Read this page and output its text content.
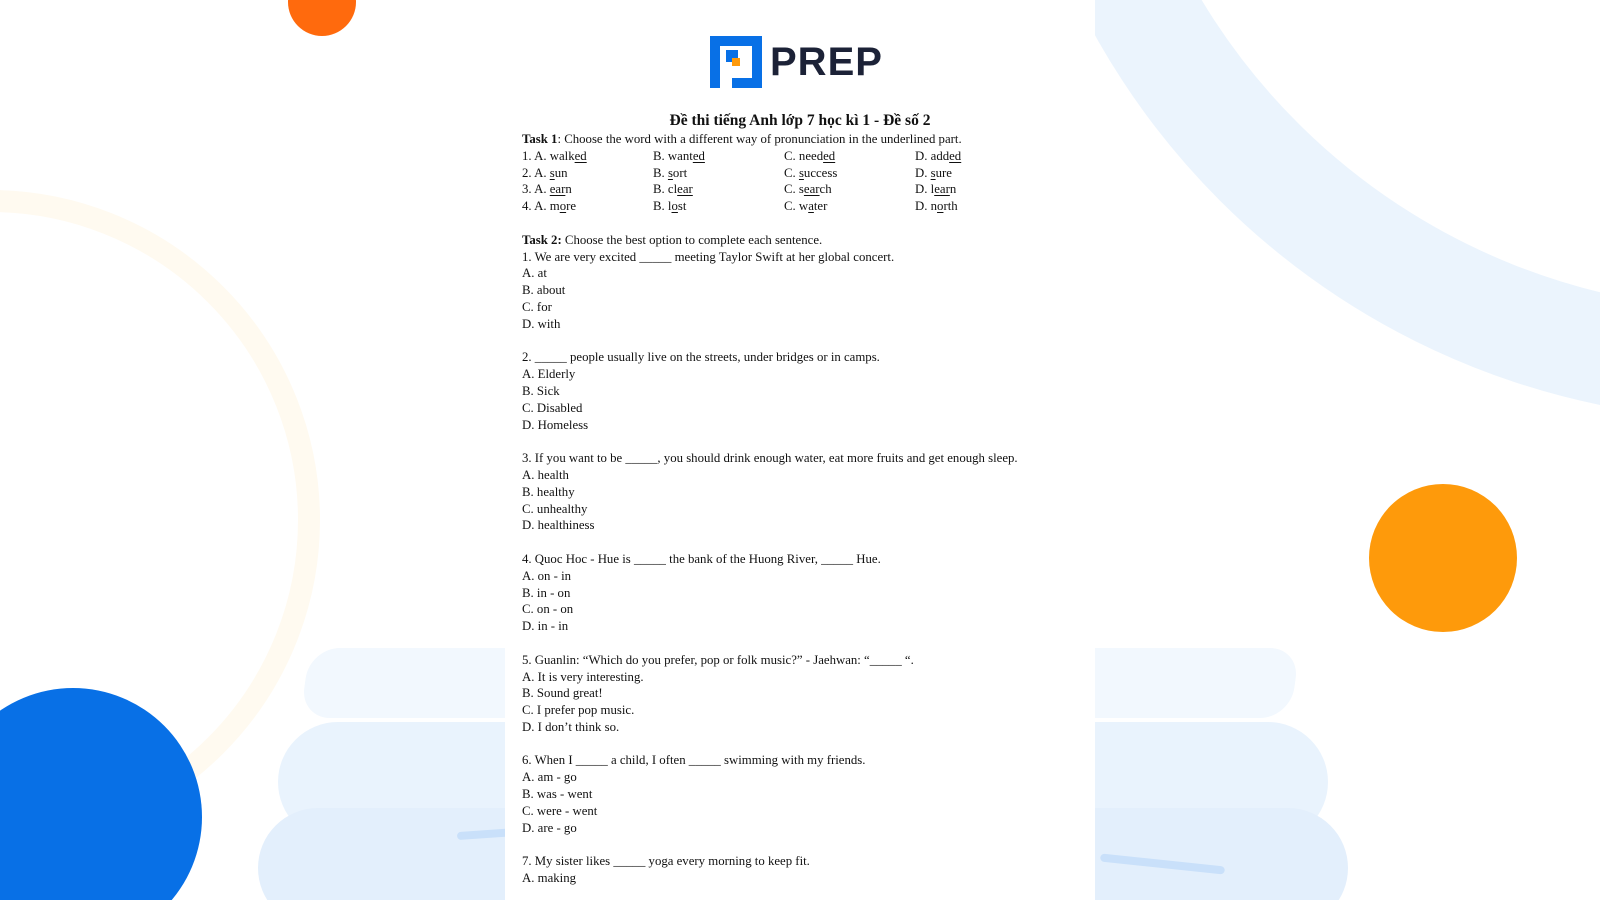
PREP
Đề thi tiếng Anh lớp 7 học kì 1 - Đề số 2
Task 1: Choose the word with a different way of pronunciation in the underlined part.
1. A. walked	B. wanted	C. needed	D. added
2. A. sun	B. sort	C. success	D. sure
3. A. earn	B. clear	C. search	D. learn
4. A. more	B. lost	C. water	D. north
Task 2: Choose the best option to complete each sentence.
1. We are very excited _____ meeting Taylor Swift at her global concert.
A. at
B. about
C. for
D. with
2. _____ people usually live on the streets, under bridges or in camps.
A. Elderly
B. Sick
C. Disabled
D. Homeless
3. If you want to be _____, you should drink enough water, eat more fruits and get enough sleep.
A. health
B. healthy
C. unhealthy
D. healthiness
4. Quoc Hoc - Hue is _____ the bank of the Huong River, _____ Hue.
A. on - in
B. in - on
C. on - on
D. in - in
5. Guanlin: “Which do you prefer, pop or folk music?” - Jaehwan: “_____ “.
A. It is very interesting.
B. Sound great!
C. I prefer pop music.
D. I don’t think so.
6. When I _____ a child, I often _____ swimming with my friends.
A. am - go
B. was - went
C. were - went
D. are - go
7. My sister likes _____ yoga every morning to keep fit.
A. making
